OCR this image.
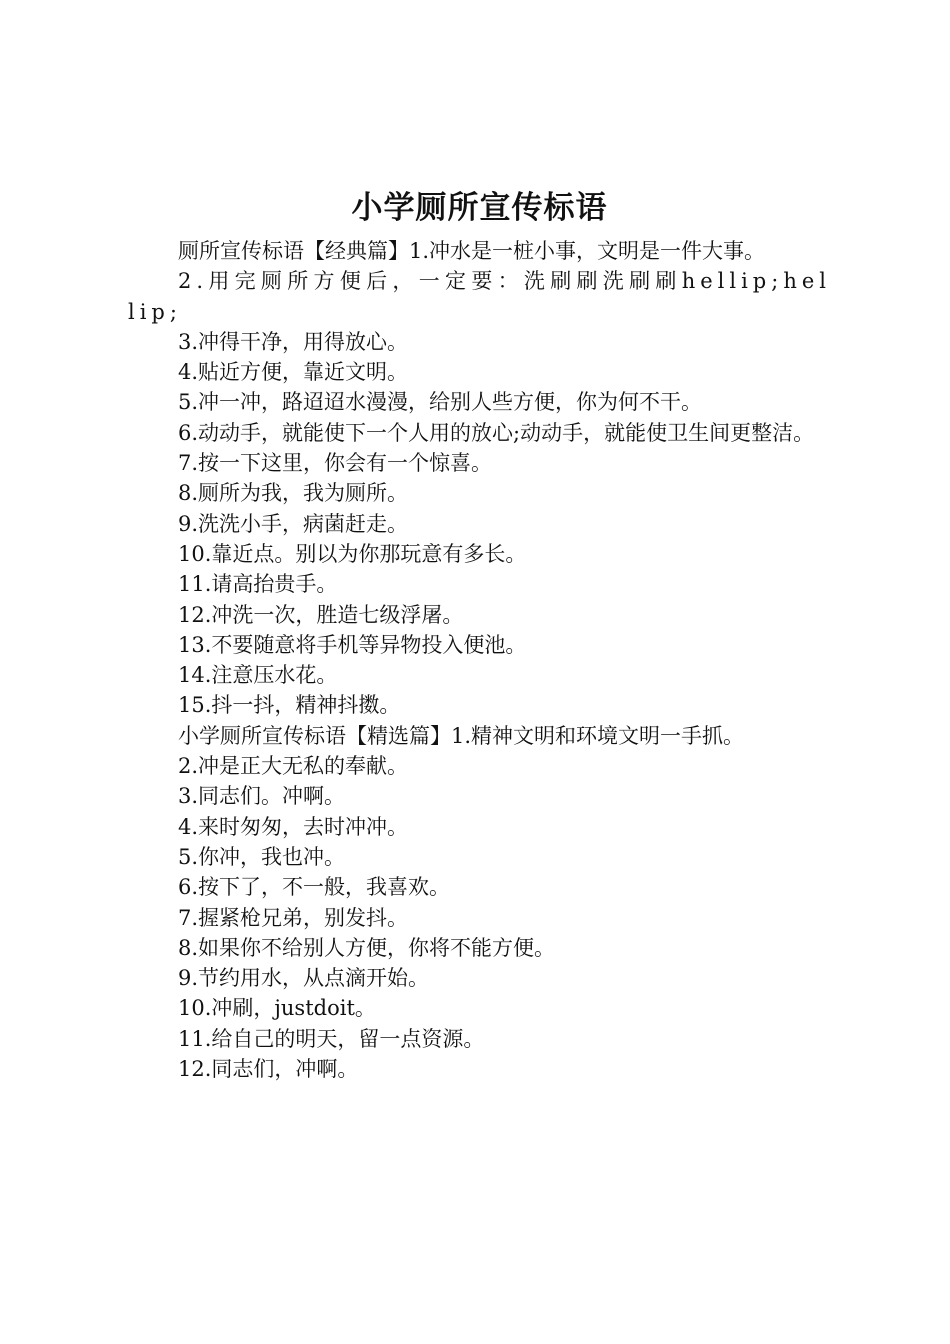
小学厕所宣传标语

厕所宣传标语【经典篇】1.冲水是一桩小事，文明是一件大事。

2.用完厕所方便后，一定要：洗刷刷洗刷刷hellip;hellip;

3.冲得干净，用得放心。

4.贴近方便，靠近文明。

5.冲一冲，路迢迢水漫漫，给别人些方便，你为何不干。

6.动动手，就能使下一个人用的放心;动动手，就能使卫生间更整洁。

7.按一下这里，你会有一个惊喜。

8.厕所为我，我为厕所。

9.洗洗小手，病菌赶走。

10.靠近点。别以为你那玩意有多长。

11.请高抬贵手。

12.冲洗一次，胜造七级浮屠。

13.不要随意将手机等异物投入便池。

14.注意压水花。

15.抖一抖，精神抖擞。

小学厕所宣传标语【精选篇】1.精神文明和环境文明一手抓。

2.冲是正大无私的奉献。

3.同志们。冲啊。

4.来时匆匆，去时冲冲。

5.你冲，我也冲。

6.按下了，不一般，我喜欢。

7.握紧枪兄弟，别发抖。

8.如果你不给别人方便，你将不能方便。

9.节约用水，从点滴开始。

10.冲刷，justdoit。

11.给自己的明天，留一点资源。

12.同志们，冲啊。
